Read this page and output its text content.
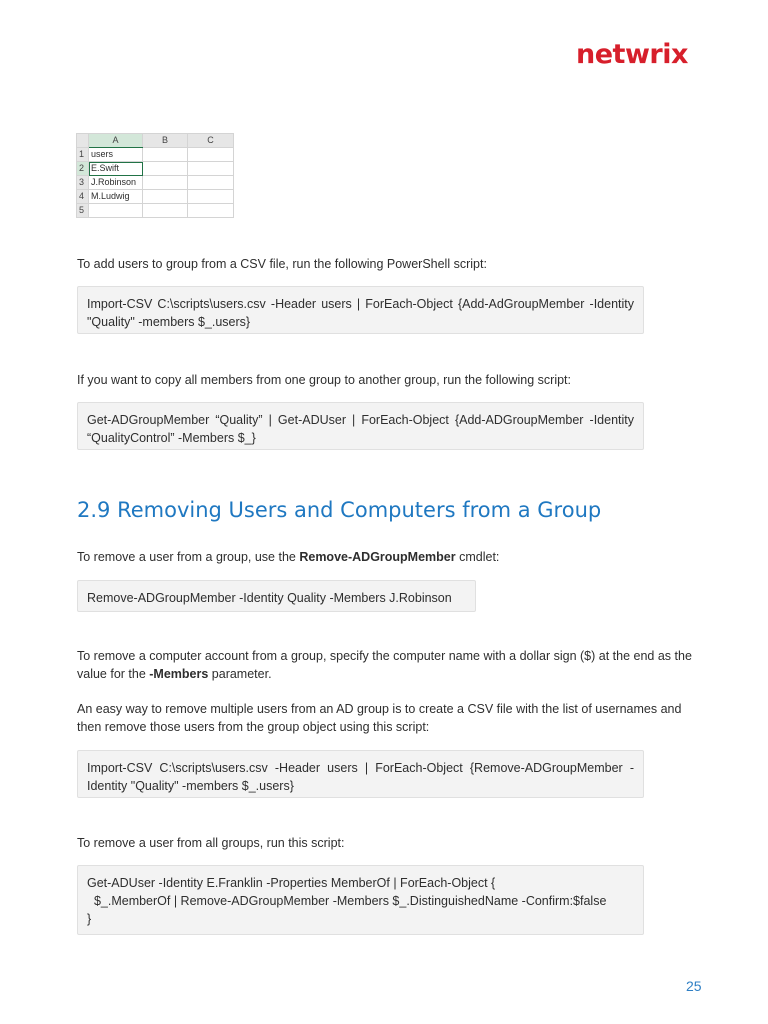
netwrix
	A	B	C
1	users		
2	E.Swift		
3	J.Robinson		
4	M.Ludwig		
5			

To add users to group from a CSV file, run the following PowerShell script:

Import-CSV C:\scripts\users.csv -Header users | ForEach-Object {Add-AdGroupMember -Identity "Quality" -members $_.users}

If you want to copy all members from one group to another group, run the following script:

Get-ADGroupMember “Quality” | Get-ADUser | ForEach-Object {Add-ADGroupMember -Identity “QualityControl” -Members $_}
2.9 Removing Users and Computers from a Group

To remove a user from a group, use the Remove-ADGroupMember cmdlet:

Remove-ADGroupMember -Identity Quality -Members J.Robinson

To remove a computer account from a group, specify the computer name with a dollar sign ($) at the end as the value for the -Members parameter.

An easy way to remove multiple users from an AD group is to create a CSV file with the list of usernames and then remove those users from the group object using this script:

Import-CSV C:\scripts\users.csv -Header users | ForEach-Object {Remove-ADGroupMember -Identity "Quality" -members $_.users}

To remove a user from all groups, run this script:

Get-ADUser -Identity E.Franklin -Properties MemberOf | ForEach-Object {
$_.MemberOf | Remove-ADGroupMember -Members $_.DistinguishedName -Confirm:$false
}
25
